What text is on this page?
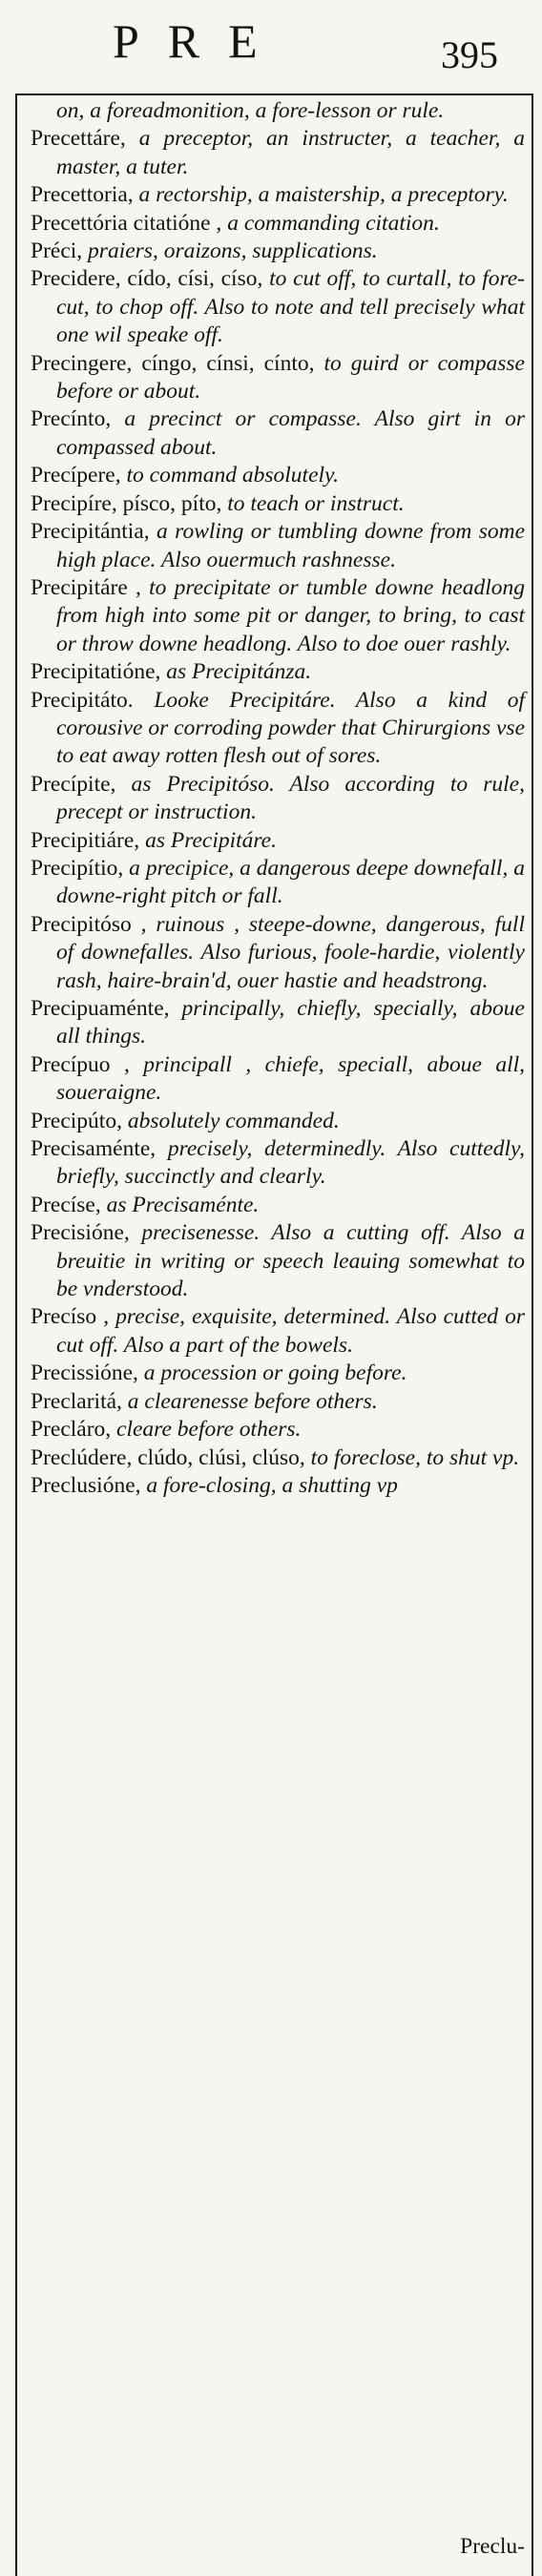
PRE	395
on, a foreadmonition, a fore-lesson or rule.
Precettáre, a preceptor, an instructer, a teacher, a master, a tuter.
Precettoria, a rectorship, a maistership, a preceptory.
Precettória citatióne , a commanding citation.
Préci, praiers, oraizons, supplications.
Precidere, cído, císi, císo, to cut off, to curtall, to fore-cut, to chop off. Also to note and tell precisely what one wil speake off.
Precingere, cíngo, cínsi, cínto, to guird or compasse before or about.
Precínto, a precinct or compasse. Also girt in or compassed about.
Precípere, to command absolutely.
Precipíre, písco, píto, to teach or instruct.
Precipitántia, a rowling or tumbling downe from some high place. Also ouermuch rashnesse.
Precipitáre , to precipitate or tumble downe headlong from high into some pit or danger, to bring, to cast or throw downe headlong. Also to doe ouer rashly.
Precipitatióne, as Precipitánza.
Precipitáto. Looke Precipitáre. Also a kind of corousive or corroding powder that Chirurgions vse to eat away rotten flesh out of sores.
Precípite, as Precipitóso. Also according to rule, precept or instruction.
Precipitiáre, as Precipitáre.
Precipítio, a precipice, a dangerous deepe downefall, a downe-right pitch or fall.
Precipitóso , ruinous , steepe-downe, dangerous, full of downefalles. Also furious, foole-hardie, violently rash, haire-brain'd, ouer hastie and headstrong.
Precipuaménte, principally, chiefly, specially, aboue all things.
Precípuo , principall , chiefe, speciall, aboue all, soueraigne.
Precipúto, absolutely commanded.
Precisaménte, precisely, determinedly. Also cuttedly, briefly, succinctly and clearly.
Precíse, as Precisaménte.
Precisióne, precisenesse. Also a cutting off. Also a breuitie in writing or speech leauing somewhat to be vnderstood.
Precíso , precise, exquisite, determined. Also cutted or cut off. Also a part of the bowels.
Precissióne, a procession or going before.
Preclaritá, a clearenesse before others.
Precláro, cleare before others.
Preclúdere, clúdo, clúsi, clúso, to foreclose, to shut vp.
Preclusióne, a fore-closing, a shutting vp
Preclu-
